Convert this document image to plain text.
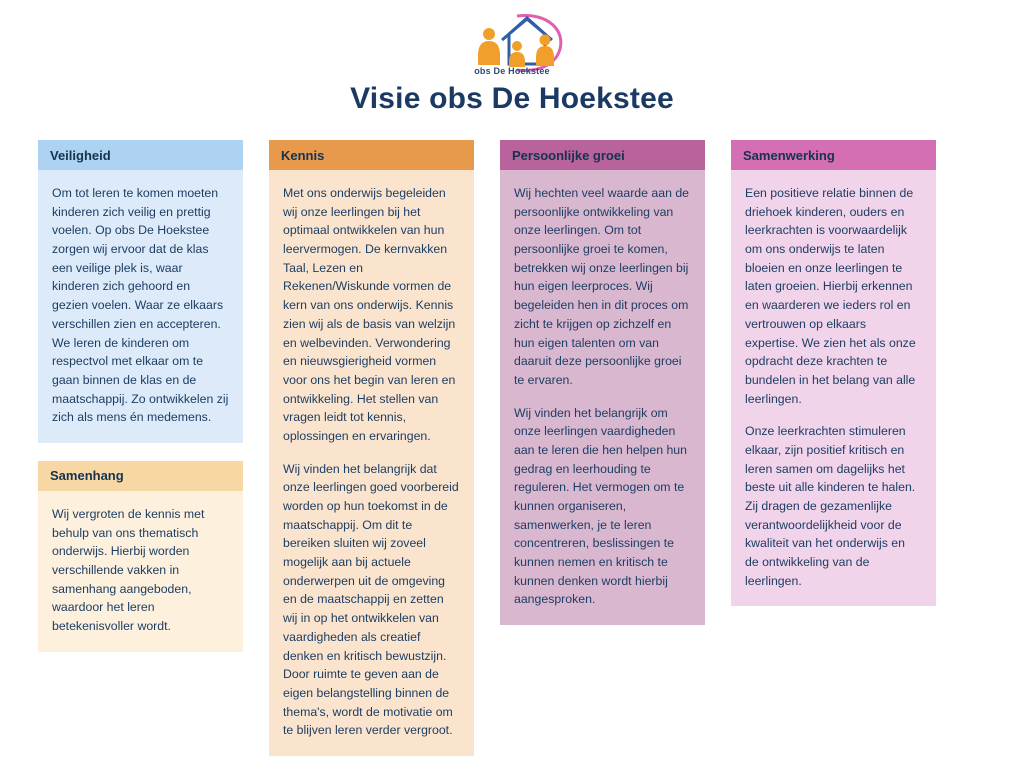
obs De Hoekstee
Visie obs De Hoekstee
Veiligheid

Om tot leren te komen moeten kinderen zich veilig en prettig voelen. Op obs De Hoekstee zorgen wij ervoor dat de klas een veilige plek is, waar kinderen zich gehoord en gezien voelen. Waar ze elkaars verschillen zien en accepteren. We leren de kinderen om respectvol met elkaar om te gaan binnen de klas en de maatschappij. Zo ontwikkelen zij zich als mens én medemens.

Samenhang

Wij vergroten de kennis met behulp van ons thematisch onderwijs. Hierbij worden verschillende vakken in samenhang aangeboden, waardoor het leren betekenisvoller wordt.

Kennis

Met ons onderwijs begeleiden wij onze leerlingen bij het optimaal ontwikkelen van hun leervermogen. De kernvakken Taal, Lezen en Rekenen/Wiskunde vormen de kern van ons onderwijs. Kennis zien wij als de basis van welzijn en welbevinden. Verwondering en nieuwsgierigheid vormen voor ons het begin van leren en ontwikkeling. Het stellen van vragen leidt tot kennis, oplossingen en ervaringen.

Wij vinden het belangrijk dat onze leerlingen goed voorbereid worden op hun toekomst in de maatschappij. Om dit te bereiken sluiten wij zoveel mogelijk aan bij actuele onderwerpen uit de omgeving en de maatschappij en zetten wij in op het ontwikkelen van vaardigheden als creatief denken en kritisch bewustzijn. Door ruimte te geven aan de eigen belangstelling binnen de thema's, wordt de motivatie om te blijven leren verder vergroot.

Persoonlijke groei

Wij hechten veel waarde aan de persoonlijke ontwikkeling van onze leerlingen. Om tot persoonlijke groei te komen, betrekken wij onze leerlingen bij hun eigen leerproces. Wij begeleiden hen in dit proces om zicht te krijgen op zichzelf en hun eigen talenten om van daaruit deze persoonlijke groei te ervaren.

Wij vinden het belangrijk om onze leerlingen vaardigheden aan te leren die hen helpen hun gedrag en leerhouding te reguleren. Het vermogen om te kunnen organiseren, samenwerken, je te leren concentreren, beslissingen te kunnen nemen en kritisch te kunnen denken wordt hierbij aangesproken.

Samenwerking

Een positieve relatie binnen de driehoek kinderen, ouders en leerkrachten is voorwaardelijk om ons onderwijs te laten bloeien en onze leerlingen te laten groeien. Hierbij erkennen en waarderen we ieders rol en vertrouwen op elkaars expertise. We zien het als onze opdracht deze krachten te bundelen in het belang van alle leerlingen.

Onze leerkrachten stimuleren elkaar, zijn positief kritisch en leren samen om dagelijks het beste uit alle kinderen te halen. Zij dragen de gezamenlijke verantwoordelijkheid voor de kwaliteit van het onderwijs en de ontwikkeling van de leerlingen.
